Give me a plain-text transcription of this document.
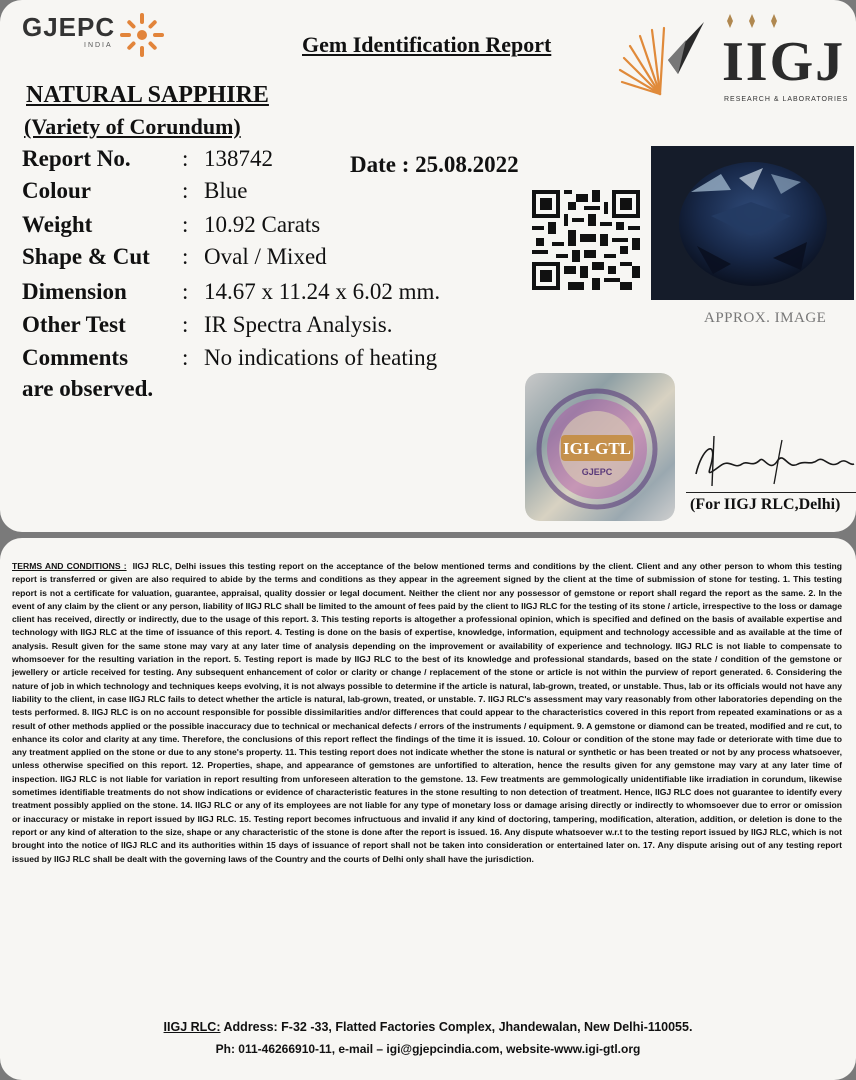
GJEPC
INDIA	Gem Identification Report	IIGJ
RESEARCH & LABORATORIES
NATURAL SAPPHIRE
(Variety of Corundum)
Report No. : 138742	Date : 25.08.2022
Colour	: Blue
Weight	: 10.92 Carats
Shape & Cut : Oval / Mixed
Dimension : 14.67 x 11.24 x 6.02 mm.
Other Test : IR Spectra Analysis.
Comments : No indications of heating
are observed.
APPROX. IMAGE
IGI-GTL
GJEPC
(For IIGJ RLC,Delhi)
TERMS AND CONDITIONS : IIGJ RLC, Delhi issues this testing report on the acceptance of the below mentioned terms and conditions by the client. Client and any other person to whom this testing report is transferred or given are also required to abide by the terms and conditions as they appear in the agreement signed by the client at the time of submission of stone for testing. 1. This testing report is not a certificate for valuation, guarantee, appraisal, quality dossier or legal document. Neither the client nor any possessor of gemstone or report shall regard the report as the same. 2. In the event of any claim by the client or any person, liability of IIGJ RLC shall be limited to the amount of fees paid by the client to IIGJ RLC for the testing of its stone / article, irrespective to the loss or damage client has received, directly or indirectly, due to the usage of this report. 3. This testing reports is altogether a professional opinion, which is specified and defined on the basis of available expertise and technology with IIGJ RLC at the time of issuance of this report. 4. Testing is done on the basis of expertise, knowledge, information, equipment and technology accessible and as available at the time of analysis. Result given for the same stone may vary at any later time of analysis depending on the improvement or availability of experience and technology. IIGJ RLC is not liable to compensate to whomsoever for the resulting variation in the report. 5. Testing report is made by IIGJ RLC to the best of its knowledge and professional standards, based on the state / condition of the gemstone or jewellery or article received for testing. Any subsequent enhancement of color or clarity or change / replacement of the stone or article is not within the purview of report generated. 6. Considering the nature of job in which technology and techniques keeps evolving, it is not always possible to determine if the article is natural, lab-grown, treated, or unstable. Thus, lab or its officials would not have any liability to the client, in case IIGJ RLC fails to detect whether the article is natural, lab-grown, treated, or unstable. 7. IIGJ RLC's assessment may vary reasonably from other laboratories depending on the tests performed. 8. IIGJ RLC is on no account responsible for possible dissimilarities and/or differences that could appear to the characteristics covered in this report from repeated examinations or as a result of other methods applied or the possible inaccuracy due to technical or mechanical defects / errors of the instruments / equipment. 9. A gemstone or diamond can be treated, modified and re cut, to enhance its color and clarity at any time. Therefore, the conclusions of this report reflect the findings of the time it is issued. 10. Colour or condition of the stone may fade or deteriorate with time due to any treatment applied on the stone or due to any stone's property. 11. This testing report does not indicate whether the stone is natural or synthetic or has been treated or not by any process whatsoever, unless otherwise specified on this report. 12. Properties, shape, and appearance of gemstones are unfortified to alteration, hence the results given for any gemstone may vary at any later time of inspection. IIGJ RLC is not liable for variation in report resulting from unforeseen alteration to the gemstone. 13. Few treatments are gemmologically unidentifiable like irradiation in corundum, likewise sometimes identifiable treatments do not show indications or evidence of characteristic features in the stone resulting to non detection of treatment. Hence, IIGJ RLC does not guarantee to identify every treatment possibly applied on the stone. 14. IIGJ RLC or any of its employees are not liable for any type of monetary loss or damage arising directly or indirectly to whomsoever due to error or omission or inaccuracy or mistake in report issued by IIGJ RLC. 15. Testing report becomes infructuous and invalid if any kind of doctoring, tampering, modification, alteration, addition, or deletion is done to the report or any kind of alteration to the size, shape or any characteristic of the stone is done after the report is issued. 16. Any dispute whatsoever w.r.t to the testing report issued by IIGJ RLC, which is not brought into the notice of IIGJ RLC and its authorities within 15 days of issuance of report shall not be taken into consideration or entertained later on. 17. Any dispute arising out of any testing report issued by IIGJ RLC shall be dealt with the governing laws of the Country and the courts of Delhi only shall have the jurisdiction.
IIGJ RLC: Address: F-32 -33, Flatted Factories Complex, Jhandewalan, New Delhi-110055.
Ph: 011-46266910-11, e-mail – igi@gjepcindia.com, website-www.igi-gtl.org
